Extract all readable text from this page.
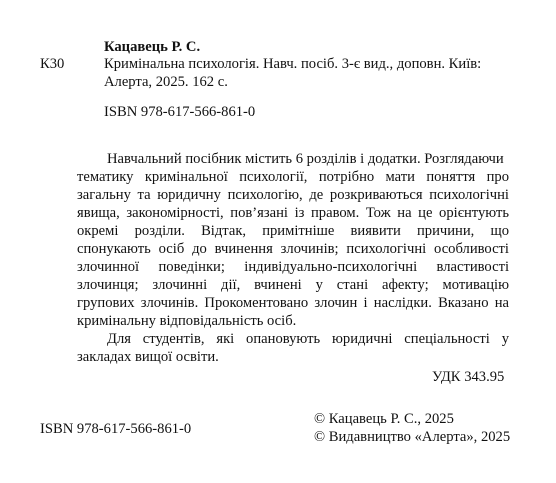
Кацавець Р. С.
К30	Кримінальна психологія. Навч. посіб. 3-є вид., доповн. Київ:
Алерта, 2025. 162 с.
ISBN 978-617-566-861-0

Навчальний посібник містить 6 розділів і додатки. Розглядаючи

тематику кримінальної психології, потрібно мати поняття про

загальну та юридичну психологію, де розкриваються психологічні

явища, закономірності, пов’язані із правом. Тож на це орієнтують

окремі розділи. Відтак, примітніше виявити причини, що

спонукають осіб до вчинення злочинів; психологічні особливості

злочинної поведінки; індивідуально-психологічні властивості

злочинця; злочинні дії, вчинені у стані афекту; мотивацію

групових злочинів. Прокоментовано злочин і наслідки. Вказано на

кримінальну відповідальність осіб.

Для студентів, які опановують юридичні спеціальності у

закладах вищої освіти.

УДК 343.95
ISBN 978-617-566-861-0
© Кацавець Р. С., 2025
© Видавництво «Алерта», 2025
